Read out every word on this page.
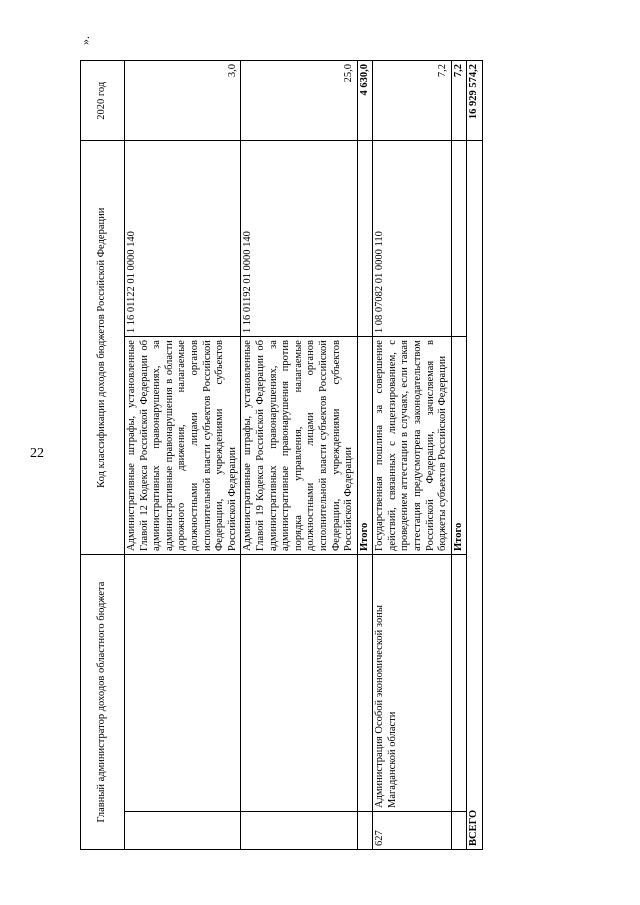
22
».
Главный администратор доходов областного бюджета		Код классификации доходов бюджетов Российской Федерации		2020 год
		Административные штрафы, установленные Главой 12 Кодекса Российской Федерации об административных правонарушениях, за административные правонарушения в области дорожного движения, налагаемые должностными лицами органов исполнительной власти субъектов Российской Федерации, учреждениями субъектов Российской Федерации	1 16 01122 01 0000 140	3,0
		Административные штрафы, установленные Главой 19 Кодекса Российской Федерации об административных правонарушениях, за административные правонарушения против порядка управления, налагаемые должностными лицами органов исполнительной власти субъектов Российской Федерации, учреждениями субъектов Российской Федерации	1 16 01192 01 0000 140	25,0
		Итого		4 630,0
627	Администрация Особой экономической зоны Магаданской области	Государственная пошлина за совершение действий, связанных с лицензированием, с проведением аттестации в случаях, если такая аттестация предусмотрена законодательством Российской Федерации, зачисляемая в бюджеты субъектов Российской Федерации	1 08 07082 01 0000 110	7,2
		Итого		7,2
ВСЕГО				16 929 574,2
